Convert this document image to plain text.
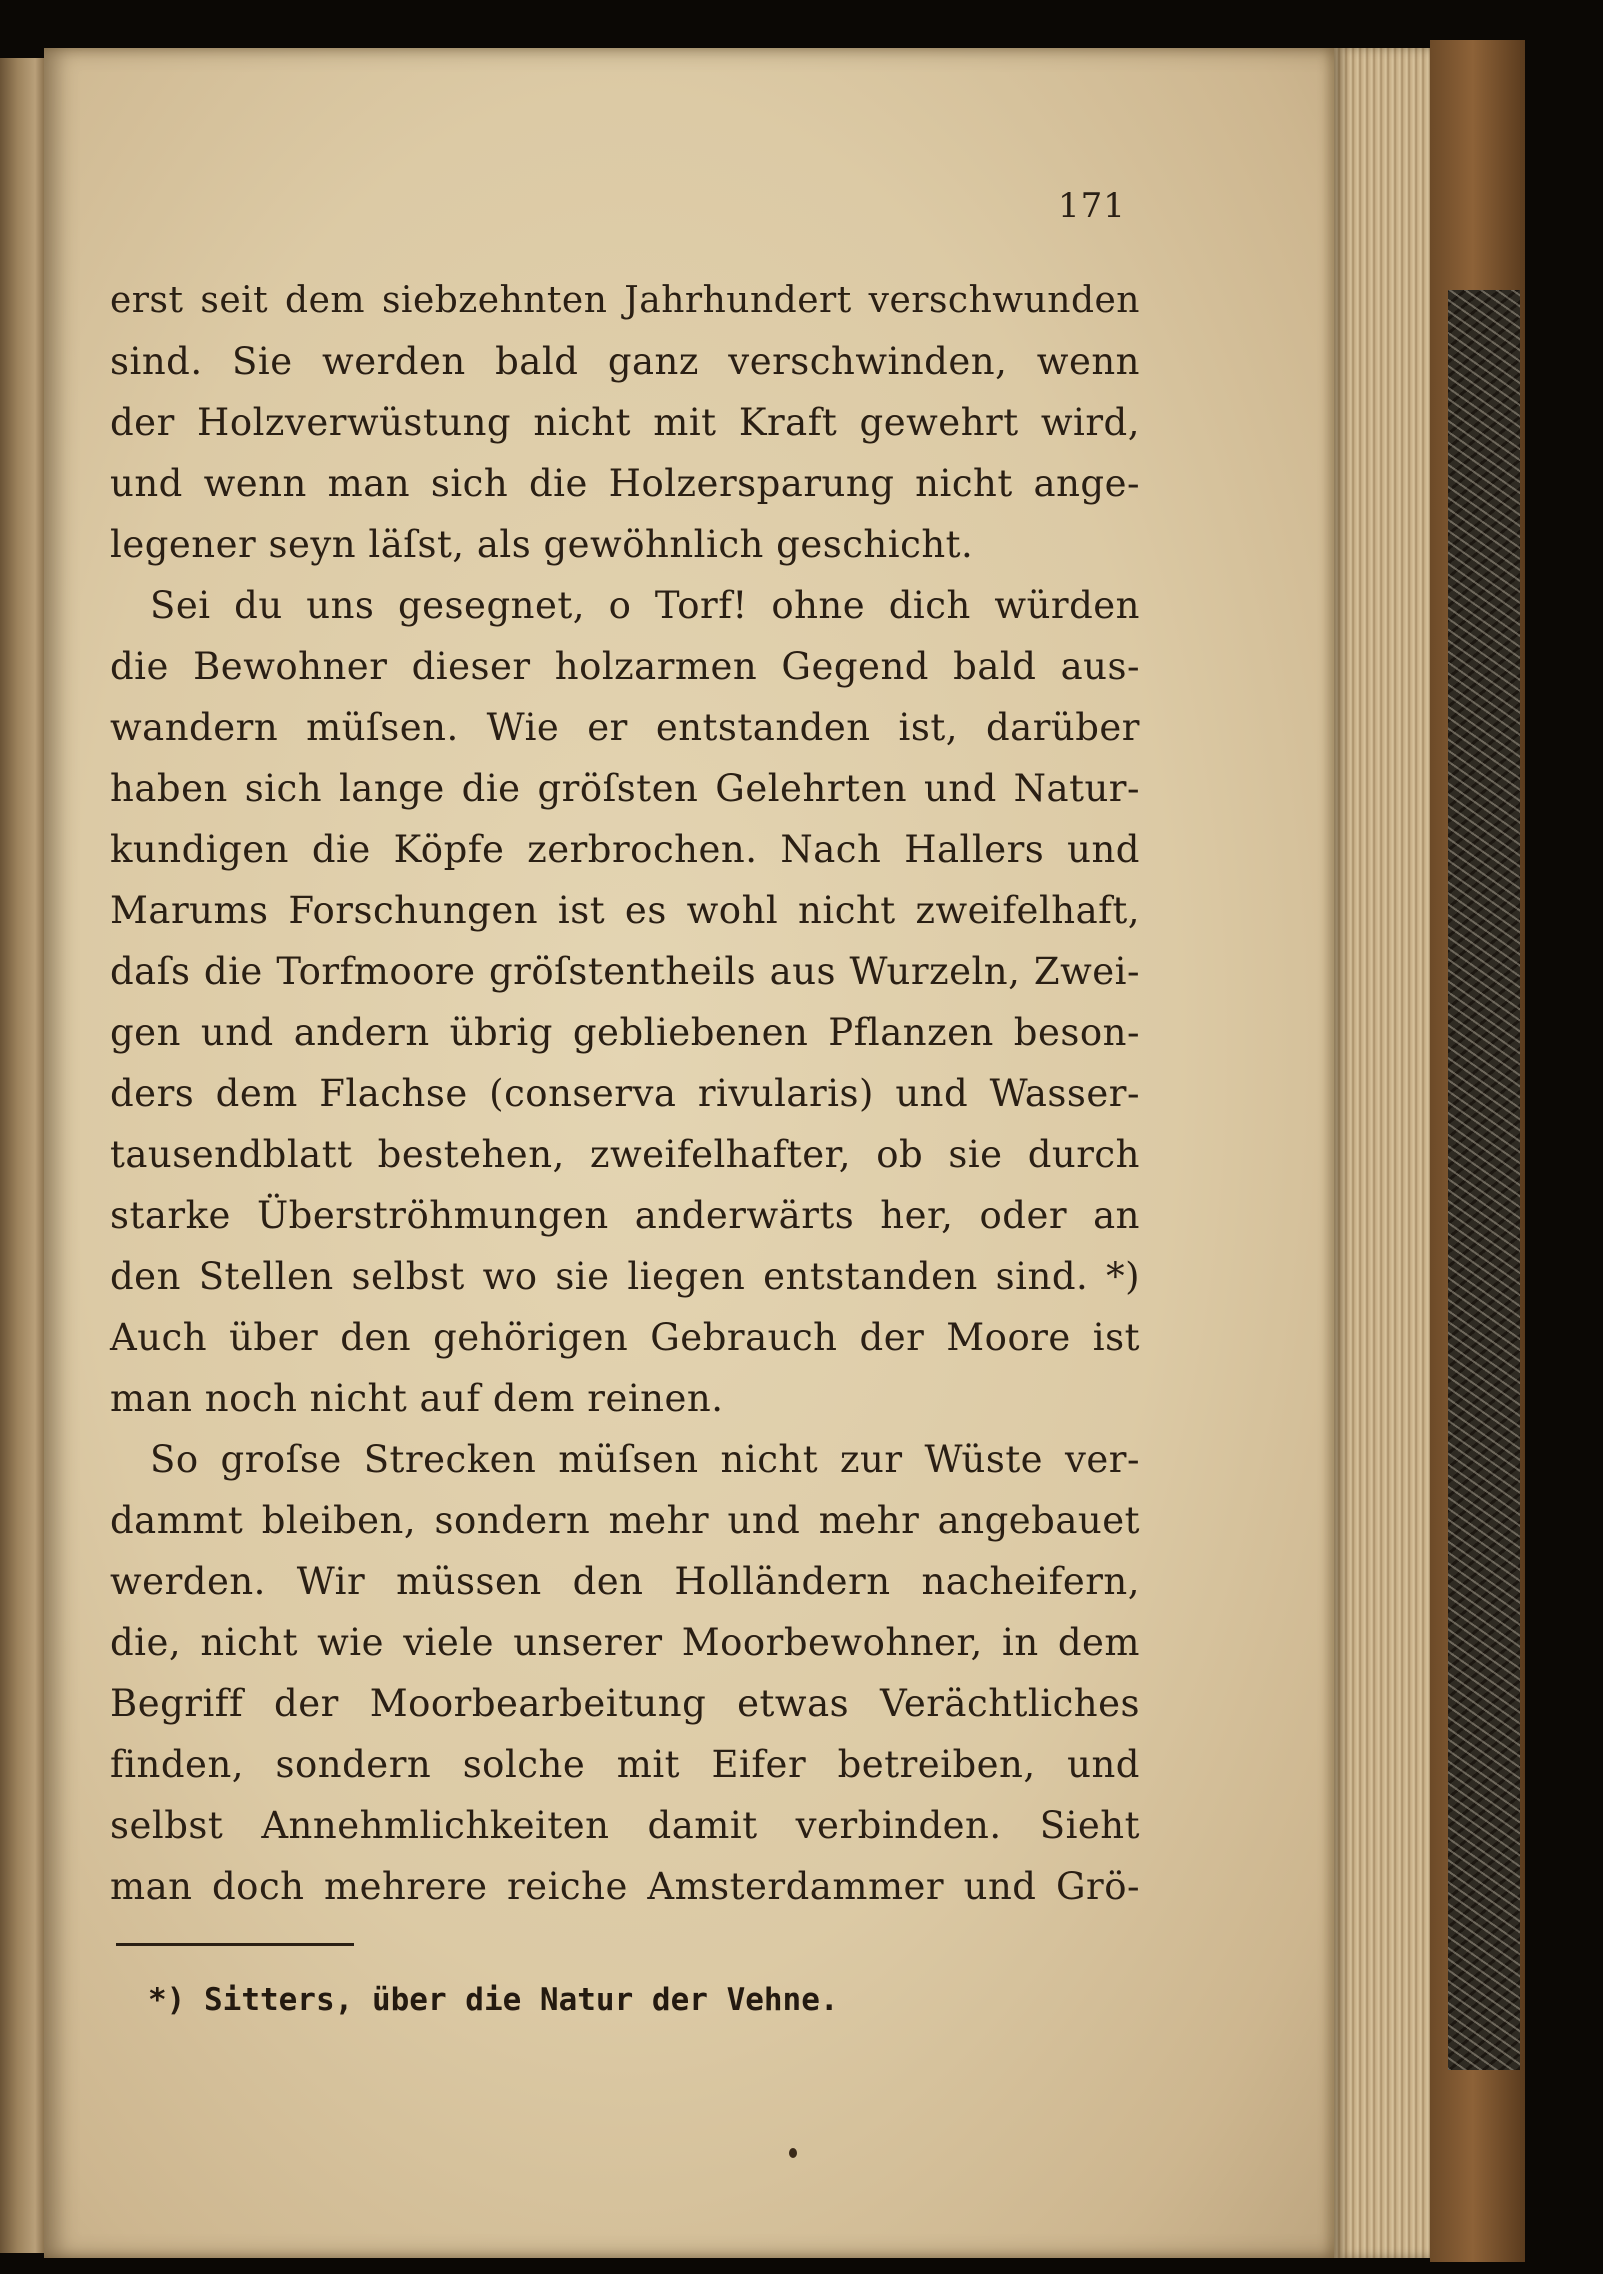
171
erst seit dem siebzehnten Jahrhundert verschwunden
sind. Sie werden bald ganz verschwinden, wenn
der Holzverwüstung nicht mit Kraft gewehrt wird,
und wenn man sich die Holzersparung nicht ange-
legener seyn läſst, als gewöhnlich geschicht.
Sei du uns gesegnet, o Torf! ohne dich würden
die Bewohner dieser holzarmen Gegend bald aus-
wandern müſsen. Wie er entstanden ist, darüber
haben sich lange die gröſsten Gelehrten und Natur-
kundigen die Köpfe zerbrochen. Nach Hallers und
Marums Forschungen ist es wohl nicht zweifelhaft,
daſs die Torfmoore gröſstentheils aus Wurzeln, Zwei-
gen und andern übrig gebliebenen Pflanzen beson-
ders dem Flachse (conserva rivularis) und Wasser-
tausendblatt bestehen, zweifelhafter, ob sie durch
starke Überströhmungen anderwärts her, oder an
den Stellen selbst wo sie liegen entstanden sind. *)
Auch über den gehörigen Gebrauch der Moore ist
man noch nicht auf dem reinen.
So groſse Strecken müſsen nicht zur Wüste ver-
dammt bleiben, sondern mehr und mehr angebauet
werden. Wir müssen den Holländern nacheifern,
die, nicht wie viele unserer Moorbewohner, in dem
Begriff der Moorbearbeitung etwas Verächtliches
finden, sondern solche mit Eifer betreiben, und
selbst Annehmlichkeiten damit verbinden. Sieht
man doch mehrere reiche Amsterdammer und Grö-
*) Sitters, über die Natur der Vehne.
